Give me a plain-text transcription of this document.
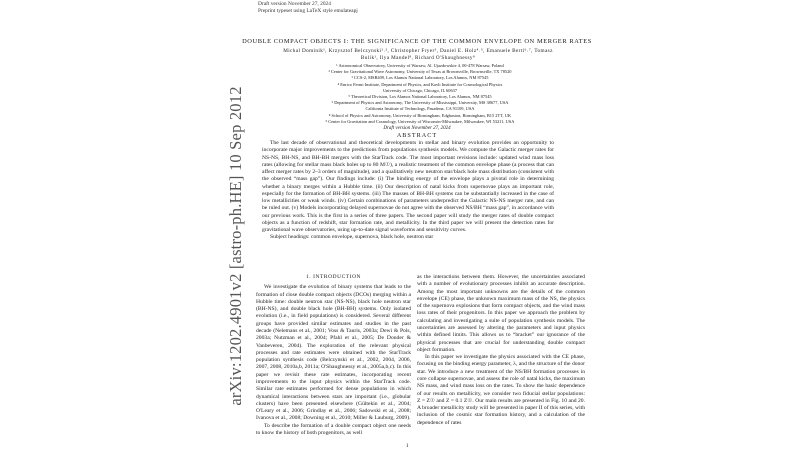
Draft version November 27, 2024
Preprint typeset using LaTeX style emulateapj
arXiv:1202.4901v2 [astro-ph.HE] 10 Sep 2012
DOUBLE COMPACT OBJECTS I: THE SIGNIFICANCE OF THE COMMON ENVELOPE ON MERGER RATES
Michal Dominik¹, Krzysztof Belczynski¹˒², Christopher Fryer³, Daniel E. Holz⁴˒⁵, Emanuele Berti⁶˒⁷, Tomasz
Bulik¹, Ilya Mandel⁸, Richard O'Shaughnessy⁹
¹ Astronomical Observatory, University of Warsaw, Al. Ujazdowskie 4, 00-478 Warsaw, Poland
² Center for Gravitational Wave Astronomy, University of Texas at Brownsville, Brownsville, TX 78520
³ CCS-2, MSB409, Los Alamos National Laboratory, Los Alamos, NM 87545
⁴ Enrico Fermi Institute, Department of Physics, and Kavli Institute for Cosmological Physics
University of Chicago, Chicago, IL 60637
⁵ Theoretical Division, Los Alamos National Laboratory, Los Alamos, NM 87545
⁶ Department of Physics and Astronomy, The University of Mississippi, University, MS 38677, USA
California Institute of Technology, Pasadena, CA 91109, USA
⁸ School of Physics and Astronomy, University of Birmingham, Edgbaston, Birmingham, B15 2TT, UK
⁹ Center for Gravitation and Cosmology, University of Wisconsin-Milwaukee, Milwaukee, WI 53211, USA
Draft version November 27, 2024
ABSTRACT

The last decade of observational and theoretical developments in stellar and binary evolution provides an opportunity to incorporate major improvements to the predictions from populations synthesis models. We compute the Galactic merger rates for NS-NS, BH-NS, and BH-BH mergers with the StarTrack code. The most important revisions include: updated wind mass loss rates (allowing for stellar mass black holes up to 80 M☉), a realistic treatment of the common envelope phase (a process that can affect merger rates by 2–3 orders of magnitude), and a qualitatively new neutron star/black hole mass distribution (consistent with the observed “mass gap”). Our findings include: (i) The binding energy of the envelope plays a pivotal role in determining whether a binary merges within a Hubble time. (ii) Our description of natal kicks from supernovae plays an important role, especially for the formation of BH-BH systems. (iii) The masses of BH-BH systems can be substantially increased in the case of low metallicities or weak winds. (iv) Certain combinations of parameters underpredict the Galactic NS-NS merger rate, and can be ruled out. (v) Models incorporating delayed supernovae do not agree with the observed NS/BH “mass gap”, in accordance with our previous work. This is the first in a series of three papers. The second paper will study the merger rates of double compact objects as a function of redshift, star formation rate, and metallicity. In the third paper we will present the detection rates for gravitational wave observatories, using up-to-date signal waveforms and sensitivity curves.

Subject headings: common envelope, supernova, black hole, neutron star

1. INTRODUCTION

We investigate the evolution of binary systems that leads to the formation of close double compact objects (DCOs) merging within a Hubble time: double neutron star (NS-NS), black hole neutron star (BH-NS), and double black hole (BH-BH) systems. Only isolated evolution (i.e., in field populations) is considered. Several different groups have provided similar estimates and studies in the past decade (Nelemans et al., 2001; Voss & Tauris, 2003a; Dewi & Pols, 2003a; Nutzman et al., 2004; Pfahl et al., 2005; De Donder & Vanbeveren, 2004). The exploration of the relevant physical processes and rate estimates were obtained with the StarTrack population synthesis code (Belczynski et al., 2002, 2004, 2006, 2007, 2008, 2010a,b, 2011a; O'Shaughnessy et al., 2005a,b,c). In this paper we revisit these rate estimates, incorporating recent improvements to the input physics within the StarTrack code. Similar rate estimates performed for dense populations in which dynamical interactions between stars are important (i.e., globular clusters) have been presented elsewhere (Gültekin et al., 2004; O'Leary et al., 2006; Grindlay et al., 2006; Sadowski et al., 2008; Ivanova et al., 2008; Downing et al., 2010; Miller & Lauburg, 2009).

To describe the formation of a double compact object one needs to know the history of both progenitors, as well

as the interactions between them. However, the uncertainties associated with a number of evolutionary processes inhibit an accurate description. Among the most important unknowns are the details of the common envelope (CE) phase, the unknown maximum mass of the NS, the physics of the supernova explosions that form compact objects, and the wind mass loss rates of their progenitors. In this paper we approach the problem by calculating and investigating a suite of population synthesis models. The uncertainties are assessed by altering the parameters and input physics within defined limits. This allows us to “bracket” our ignorance of the physical processes that are crucial for understanding double compact object formation.

In this paper we investigate the physics associated with the CE phase, focusing on the binding energy parameter, λ, and the structure of the donor star. We introduce a new treatment of the NS/BH formation processes in core collapse supernovae, and assess the role of natal kicks, the maximum NS mass, and wind mass loss on the rates. To show the basic dependence of our results on metallicity, we consider two fiducial stellar populations: Z = Z☉ and Z = 0.1 Z☉. Our main results are presented in Fig. 10 and 20. A broader metallicity study will be presented in paper II of this series, with inclusion of the cosmic star formation history, and a calculation of the dependence of rates

1
